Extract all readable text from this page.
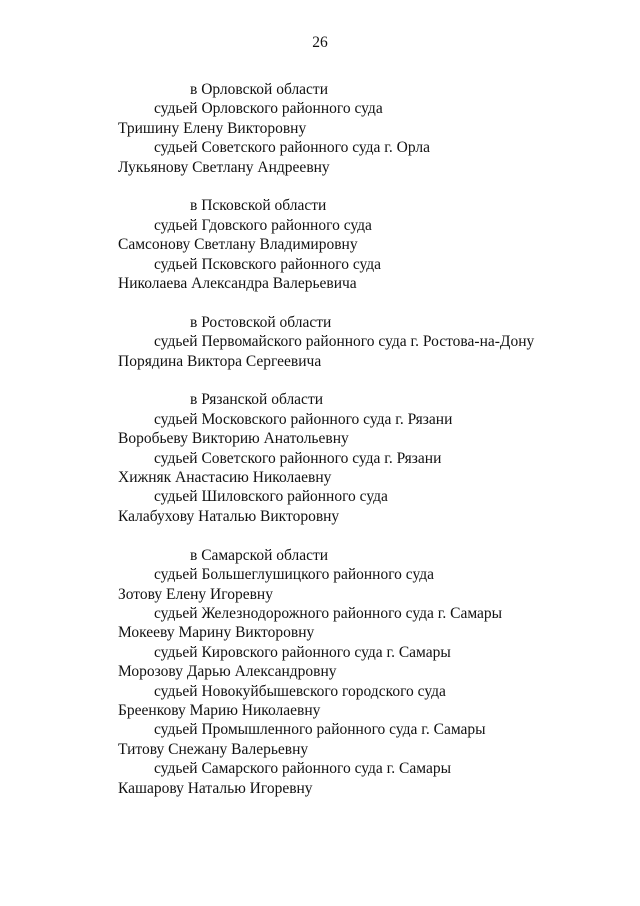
26
в Орловской области
судьей Орловского районного суда
Тришину Елену Викторовну
судьей Советского районного суда г. Орла
Лукьянову Светлану Андреевну
в Псковской области
судьей Гдовского районного суда
Самсонову Светлану Владимировну
судьей Псковского районного суда
Николаева Александра Валерьевича
в Ростовской области
судьей Первомайского районного суда г. Ростова-на-Дону
Порядина Виктора Сергеевича
в Рязанской области
судьей Московского районного суда г. Рязани
Воробьеву Викторию Анатольевну
судьей Советского районного суда г. Рязани
Хижняк Анастасию Николаевну
судьей Шиловского районного суда
Калабухову Наталью Викторовну
в Самарской области
судьей Большеглушицкого районного суда
Зотову Елену Игоревну
судьей Железнодорожного районного суда г. Самары
Мокееву Марину Викторовну
судьей Кировского районного суда г. Самары
Морозову Дарью Александровну
судьей Новокуйбышевского городского суда
Бреенкову Марию Николаевну
судьей Промышленного районного суда г. Самары
Титову Снежану Валерьевну
судьей Самарского районного суда г. Самары
Кашарову Наталью Игоревну
